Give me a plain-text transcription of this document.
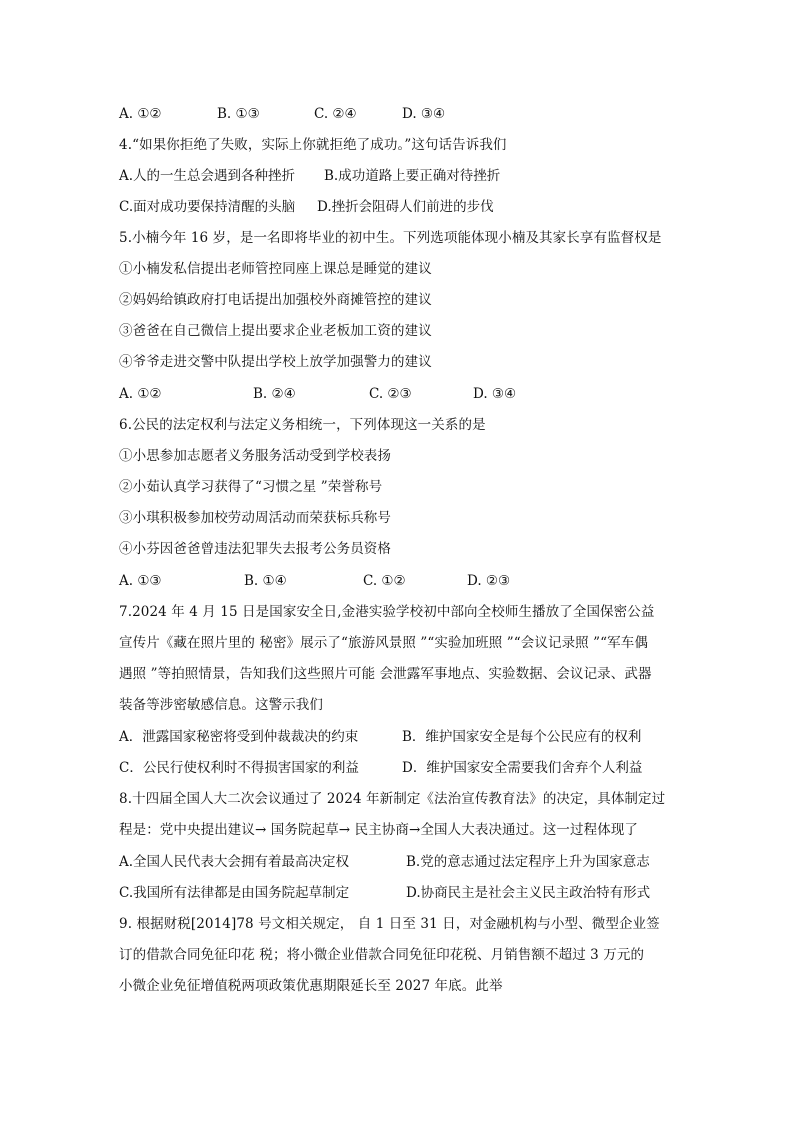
A. ①②	B. ①③	C. ②④	D. ③④
4.“如果你拒绝了失败，实际上你就拒绝了成功。”这句话告诉我们
A.人的一生总会遇到各种挫折 B.成功道路上要正确对待挫折
C.面对成功要保持清醒的头脑 D.挫折会阻碍人们前进的步伐
5.小楠今年 16 岁，是一名即将毕业的初中生。下列选项能体现小楠及其家长享有监督权是
①小楠发私信提出老师管控同座上课总是睡觉的建议
②妈妈给镇政府打电话提出加强校外商摊管控的建议
③爸爸在自己微信上提出要求企业老板加工资的建议
④爷爷走进交警中队提出学校上放学加强警力的建议
A. ①②	B. ②④	C. ②③	D. ③④
6.公民的法定权利与法定义务相统一，下列体现这一关系的是
①小思参加志愿者义务服务活动受到学校表扬
②小茹认真学习获得了“习惯之星 ”荣誉称号
③小琪积极参加校劳动周活动而荣获标兵称号
④小芬因爸爸曾违法犯罪失去报考公务员资格
A. ①③	B. ①④	C. ①②	D. ②③
7.2024 年 4 月 15 日是国家安全日,金港实验学校初中部向全校师生播放了全国保密公益
宣传片《藏在照片里的 秘密》展示了“旅游风景照 ”“实验加班照 ”“会议记录照 ”“军车偶
遇照 ”等拍照情景，告知我们这些照片可能 会泄露军事地点、实验数据、会议记录、武器
装备等涉密敏感信息。这警示我们
A．泄露国家秘密将受到仲裁裁决的约束	B．维护国家安全是每个公民应有的权利
C．公民行使权利时不得损害国家的利益	D．维护国家安全需要我们舍弃个人利益
8.十四届全国人大二次会议通过了 2024 年新制定《法治宣传教育法》的决定，具体制定过
程是：党中央提出建议→ 国务院起草→ 民主协商→全国人大表决通过。这一过程体现了
A.全国人民代表大会拥有着最高决定权	B.党的意志通过法定程序上升为国家意志
C.我国所有法律都是由国务院起草制定	D.协商民主是社会主义民主政治特有形式
9. 根据财税[2014]78 号文相关规定， 自 1 日至 31 日，对金融机构与小型、微型企业签
订的借款合同免征印花 税；将小微企业借款合同免征印花税、月销售额不超过 3 万元的
小微企业免征增值税两项政策优惠期限延长至 2027 年底。此举
